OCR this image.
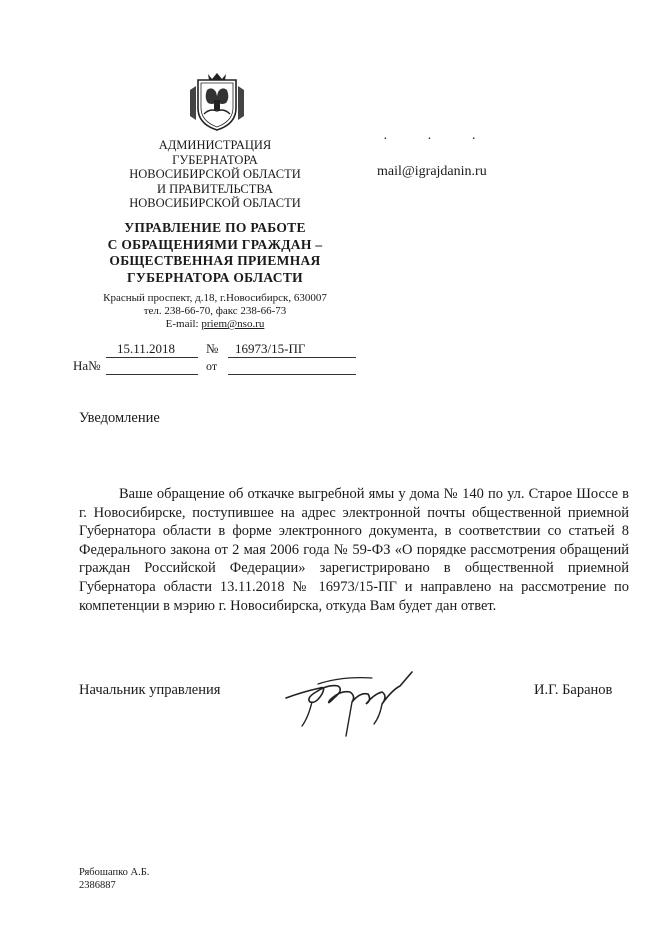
АДМИНИСТРАЦИЯ
ГУБЕРНАТОРА
НОВОСИБИРСКОЙ ОБЛАСТИ
И ПРАВИТЕЛЬСТВА
НОВОСИБИРСКОЙ ОБЛАСТИ
УПРАВЛЕНИЕ ПО РАБОТЕ
С ОБРАЩЕНИЯМИ ГРАЖДАН –
ОБЩЕСТВЕННАЯ ПРИЕМНАЯ
ГУБЕРНАТОРА ОБЛАСТИ
Красный проспект, д.18, г.Новосибирск, 630007
тел. 238-66-70, факс 238-66-73
E-mail: priem@nso.ru
15.11.2018 № 16973/15-ПГ
На№	от
· · ·
mail@igrajdanin.ru
Уведомление

Ваше обращение об откачке выгребной ямы у дома № 140 по ул. Старое Шоссе в г. Новосибирске, поступившее на адрес электронной почты общественной приемной Губернатора области в форме электронного документа, в соответствии со статьей 8 Федерального закона от 2 мая 2006 года № 59-ФЗ «О порядке рассмотрения обращений граждан Российской Федерации» зарегистрировано в общественной приемной Губернатора области 13.11.2018 № 16973/15-ПГ и направлено на рассмотрение по компетенции в мэрию г. Новосибирска, откуда Вам будет дан ответ.

Начальник управления	И.Г. Баранов
Рябошапко А.Б.
2386887
